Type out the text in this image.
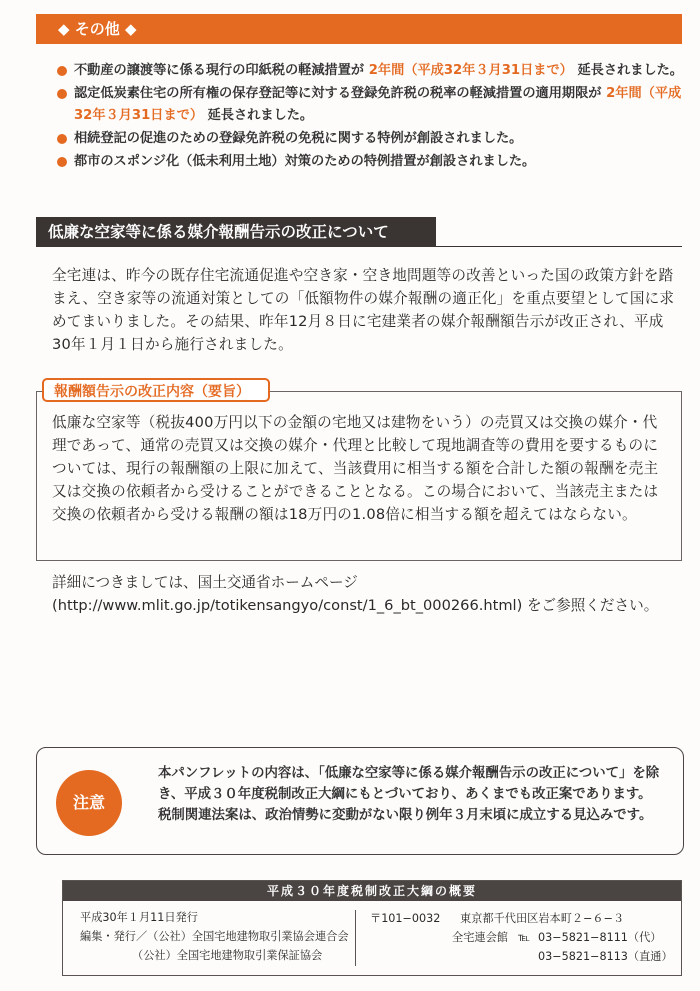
◆ その他 ◆
不動産の譲渡等に係る現行の印紙税の軽減措置が 2年間（平成32年３月31日まで） 延長されました。
認定低炭素住宅の所有権の保存登記等に対する登録免許税の税率の軽減措置の適用期限が 2年間（平成32年３月31日まで） 延長されました。
相続登記の促進のための登録免許税の免税に関する特例が創設されました。
都市のスポンジ化（低未利用土地）対策のための特例措置が創設されました。
低廉な空家等に係る媒介報酬告示の改正について
全宅連は、昨今の既存住宅流通促進や空き家・空き地問題等の改善といった国の政策方針を踏まえ、空き家等の流通対策としての「低額物件の媒介報酬の適正化」を重点要望として国に求めてまいりました。その結果、昨年12月８日に宅建業者の媒介報酬額告示が改正され、平成30年１月１日から施行されました。
報酬額告示の改正内容（要旨）
低廉な空家等（税抜400万円以下の金額の宅地又は建物をいう）の売買又は交換の媒介・代理であって、通常の売買又は交換の媒介・代理と比較して現地調査等の費用を要するものについては、現行の報酬額の上限に加えて、当該費用に相当する額を合計した額の報酬を売主又は交換の依頼者から受けることができることとなる。この場合において、当該売主または交換の依頼者から受ける報酬の額は18万円の1.08倍に相当する額を超えてはならない。
詳細につきましては、国土交通省ホームページ
(http://www.mlit.go.jp/totikensangyo/const/1_6_bt_000266.html) をご参照ください。
注意
本パンフレットの内容は、「低廉な空家等に係る媒介報酬告示の改正について」を除き、平成３０年度税制改正大綱にもとづいており、あくまでも改正案であります。
税制関連法案は、政治情勢に変動がない限り例年３月末頃に成立する見込みです。
平成３０年度税制改正大綱の概要
平成30年１月11日発行
編集・発行／（公社）全国宅地建物取引業協会連合会
（公社）全国宅地建物取引業保証協会
〒101−0032 東京都千代田区岩本町２−６−３
全宅連会館 ℡ 03−5821−8111（代）
03−5821−8113（直通）
